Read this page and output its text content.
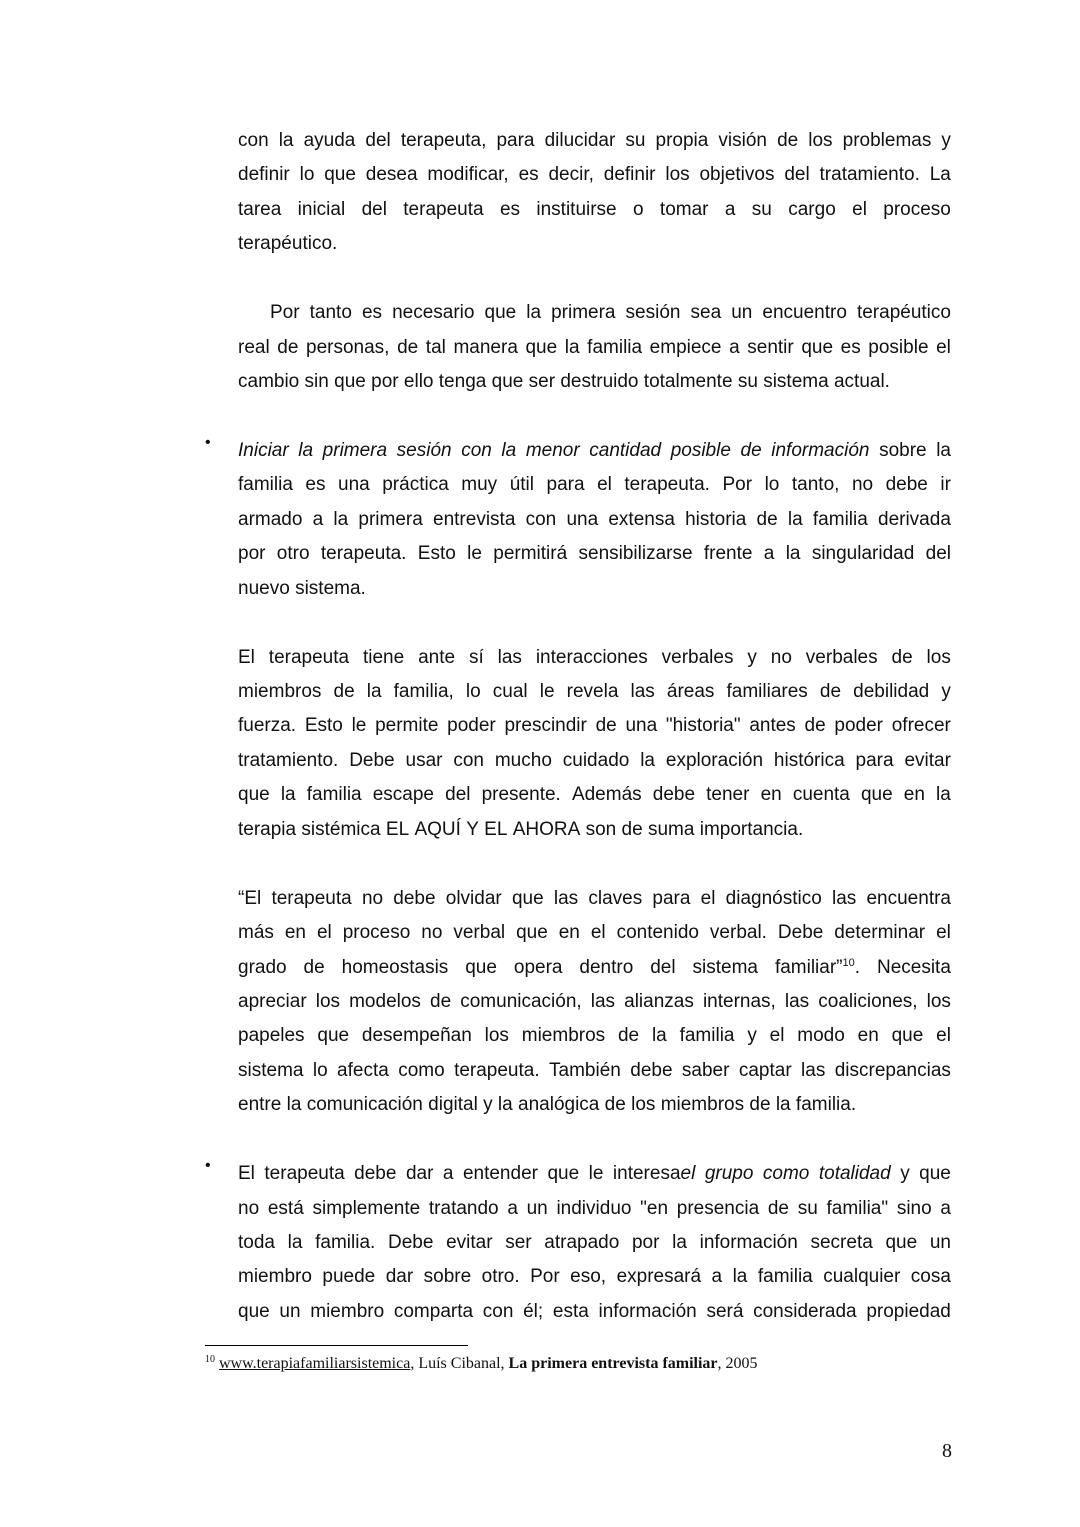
con la ayuda del terapeuta, para dilucidar su propia visión de los problemas y
definir lo que desea modificar, es decir, definir los objetivos del tratamiento. La
tarea inicial del terapeuta es instituirse o tomar a su cargo el proceso
terapéutico.
Por tanto es necesario que la primera sesión sea un encuentro terapéutico
real de personas, de tal manera que la familia empiece a sentir que es posible el
cambio sin que por ello tenga que ser destruido totalmente su sistema actual.
• Iniciar la primera sesión con la menor cantidad posible de información sobre la
familia es una práctica muy útil para el terapeuta. Por lo tanto, no debe ir
armado a la primera entrevista con una extensa historia de la familia derivada
por otro terapeuta. Esto le permitirá sensibilizarse frente a la singularidad del
nuevo sistema.
El terapeuta tiene ante sí las interacciones verbales y no verbales de los
miembros de la familia, lo cual le revela las áreas familiares de debilidad y
fuerza. Esto le permite poder prescindir de una "historia" antes de poder ofrecer
tratamiento. Debe usar con mucho cuidado la exploración histórica para evitar
que la familia escape del presente. Además debe tener en cuenta que en la
terapia sistémica EL AQUÍ Y EL AHORA son de suma importancia.
“El terapeuta no debe olvidar que las claves para el diagnóstico las encuentra
más en el proceso no verbal que en el contenido verbal. Debe determinar el
grado de homeostasis que opera dentro del sistema familiar”$^{10}$. Necesita
apreciar los modelos de comunicación, las alianzas internas, las coaliciones, los
papeles que desempeñan los miembros de la familia y el modo en que el
sistema lo afecta como terapeuta. También debe saber captar las discrepancias
entre la comunicación digital y la analógica de los miembros de la familia.
• El terapeuta debe dar a entender que le interesael grupo como totalidad y que
no está simplemente tratando a un individuo "en presencia de su familia" sino a
toda la familia. Debe evitar ser atrapado por la información secreta que un
miembro puede dar sobre otro. Por eso, expresará a la familia cualquier cosa
que un miembro comparta con él; esta información será considerada propiedad
$^{10}$ www.terapiafamiliarsistemica, Luís Cibanal, La primera entrevista familiar, 2005
8
